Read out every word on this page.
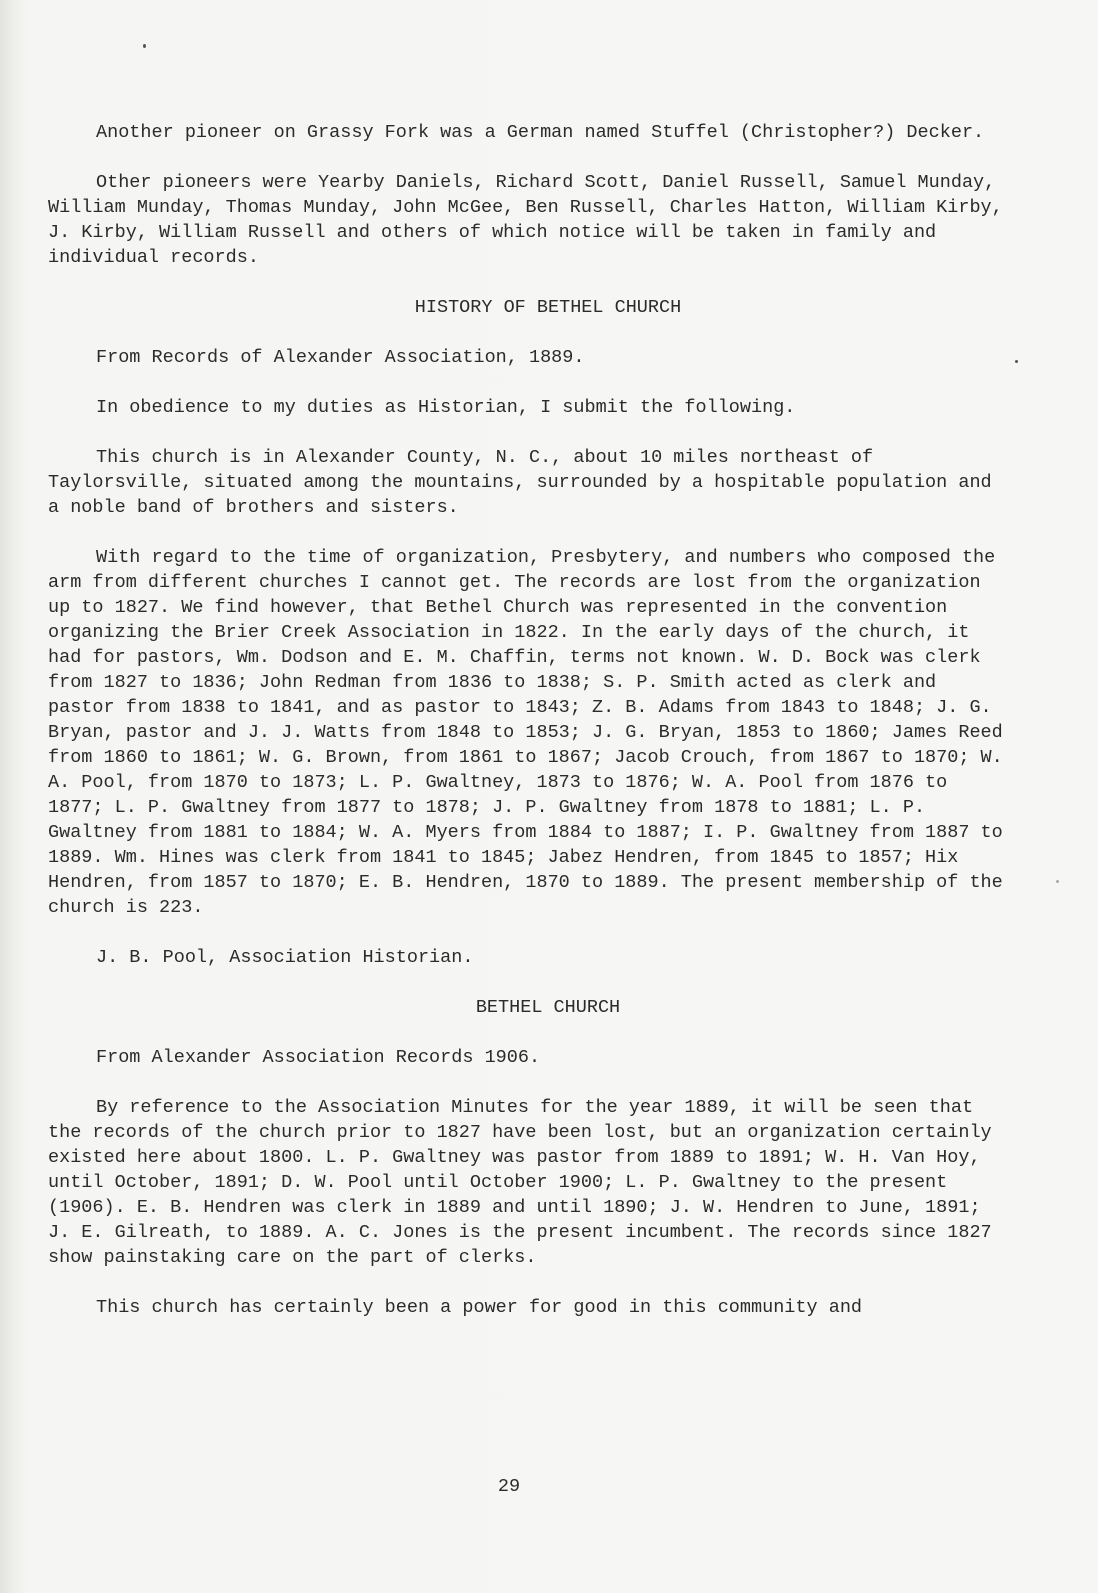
Another pioneer on Grassy Fork was a German named Stuffel (Christopher?) Decker.

Other pioneers were Yearby Daniels, Richard Scott, Daniel Russell, Samuel Munday, William Munday, Thomas Munday, John McGee, Ben Russell, Charles Hatton, William Kirby, J. Kirby, William Russell and others of which notice will be taken in family and individual records.

HISTORY OF BETHEL CHURCH

From Records of Alexander Association, 1889.

In obedience to my duties as Historian, I submit the following.

This church is in Alexander County, N. C., about 10 miles northeast of Taylorsville, situated among the mountains, surrounded by a hospitable population and a noble band of brothers and sisters.

With regard to the time of organization, Presbytery, and numbers who composed the arm from different churches I cannot get. The records are lost from the organization up to 1827. We find however, that Bethel Church was represented in the convention organizing the Brier Creek Association in 1822. In the early days of the church, it had for pastors, Wm. Dodson and E. M. Chaffin, terms not known. W. D. Bock was clerk from 1827 to 1836; John Redman from 1836 to 1838; S. P. Smith acted as clerk and pastor from 1838 to 1841, and as pastor to 1843; Z. B. Adams from 1843 to 1848; J. G. Bryan, pastor and J. J. Watts from 1848 to 1853; J. G. Bryan, 1853 to 1860; James Reed from 1860 to 1861; W. G. Brown, from 1861 to 1867; Jacob Crouch, from 1867 to 1870; W. A. Pool, from 1870 to 1873; L. P. Gwaltney, 1873 to 1876; W. A. Pool from 1876 to 1877; L. P. Gwaltney from 1877 to 1878; J. P. Gwaltney from 1878 to 1881; L. P. Gwaltney from 1881 to 1884; W. A. Myers from 1884 to 1887; I. P. Gwaltney from 1887 to 1889. Wm. Hines was clerk from 1841 to 1845; Jabez Hendren, from 1845 to 1857; Hix Hendren, from 1857 to 1870; E. B. Hendren, 1870 to 1889. The present membership of the church is 223.

J. B. Pool, Association Historian.

BETHEL CHURCH

From Alexander Association Records 1906.

By reference to the Association Minutes for the year 1889, it will be seen that the records of the church prior to 1827 have been lost, but an organization certainly existed here about 1800. L. P. Gwaltney was pastor from 1889 to 1891; W. H. Van Hoy, until October, 1891; D. W. Pool until October 1900; L. P. Gwaltney to the present (1906). E. B. Hendren was clerk in 1889 and until 1890; J. W. Hendren to June, 1891; J. E. Gilreath, to 1889. A. C. Jones is the present incumbent. The records since 1827 show painstaking care on the part of clerks.

This church has certainly been a power for good in this community and

29
